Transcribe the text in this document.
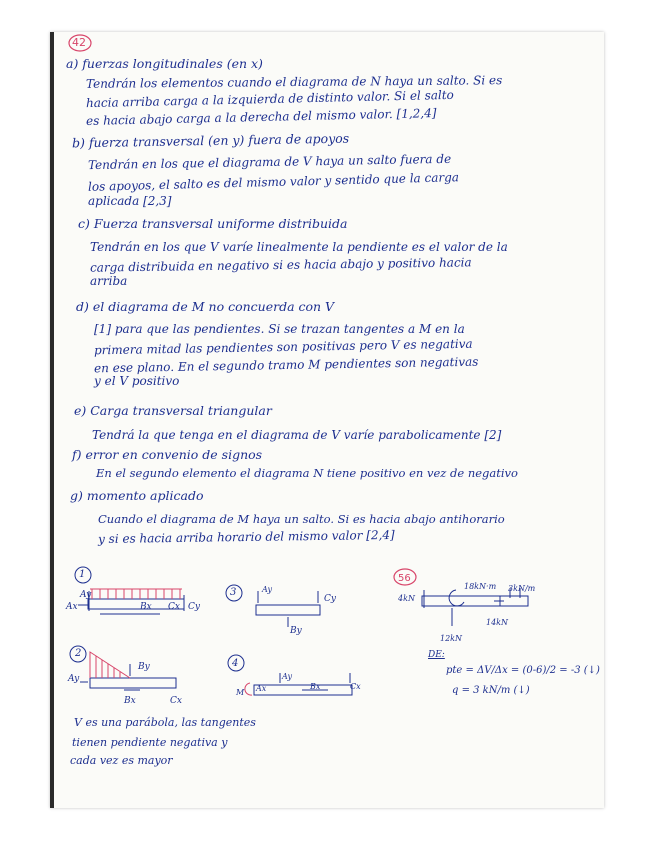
42
a) fuerzas longitudinales (en x)
Tendrán los elementos cuando el diagrama de N haya un salto. Si es
hacia arriba carga a la izquierda de distinto valor. Si el salto
es hacia abajo carga a la derecha del mismo valor. [1,2,4]
b) fuerza transversal (en y) fuera de apoyos
Tendrán en los que el diagrama de V haya un salto fuera de
los apoyos, el salto es del mismo valor y sentido que la carga
aplicada [2,3]
c) Fuerza transversal uniforme distribuida
Tendrán en los que V varíe linealmente la pendiente es el valor de la
carga distribuida en negativo si es hacia abajo y positivo hacia
arriba
d) el diagrama de M no concuerda con V
[1] para que las pendientes. Si se trazan tangentes a M en la
primera mitad las pendientes son positivas pero V es negativa
en ese plano. En el segundo tramo M pendientes son negativas
y el V positivo
e) Carga transversal triangular
Tendrá la que tenga en el diagrama de V varíe parabolicamente [2]
f) error en convenio de signos
En el segundo elemento el diagrama N tiene positivo en vez de negativo
g) momento aplicado
Cuando el diagrama de M haya un salto. Si es hacia abajo antihorario
y si es hacia arriba horario del mismo valor [2,4]
1
Ay
Ax	Bx Cx Cy
3	Ay
Cy
By
56
4kN
18kN·m 3kN/m
14kN
12kN
DE:
pte = ΔV/Δx = (0-6)/2 = -3 (↓)
q = 3 kN/m (↓)
2
Ay
By
Bx	Cx
4
M Ax
Ay
Bx	Cx
V es una parábola, las tangentes
tienen pendiente negativa y
cada vez es mayor
